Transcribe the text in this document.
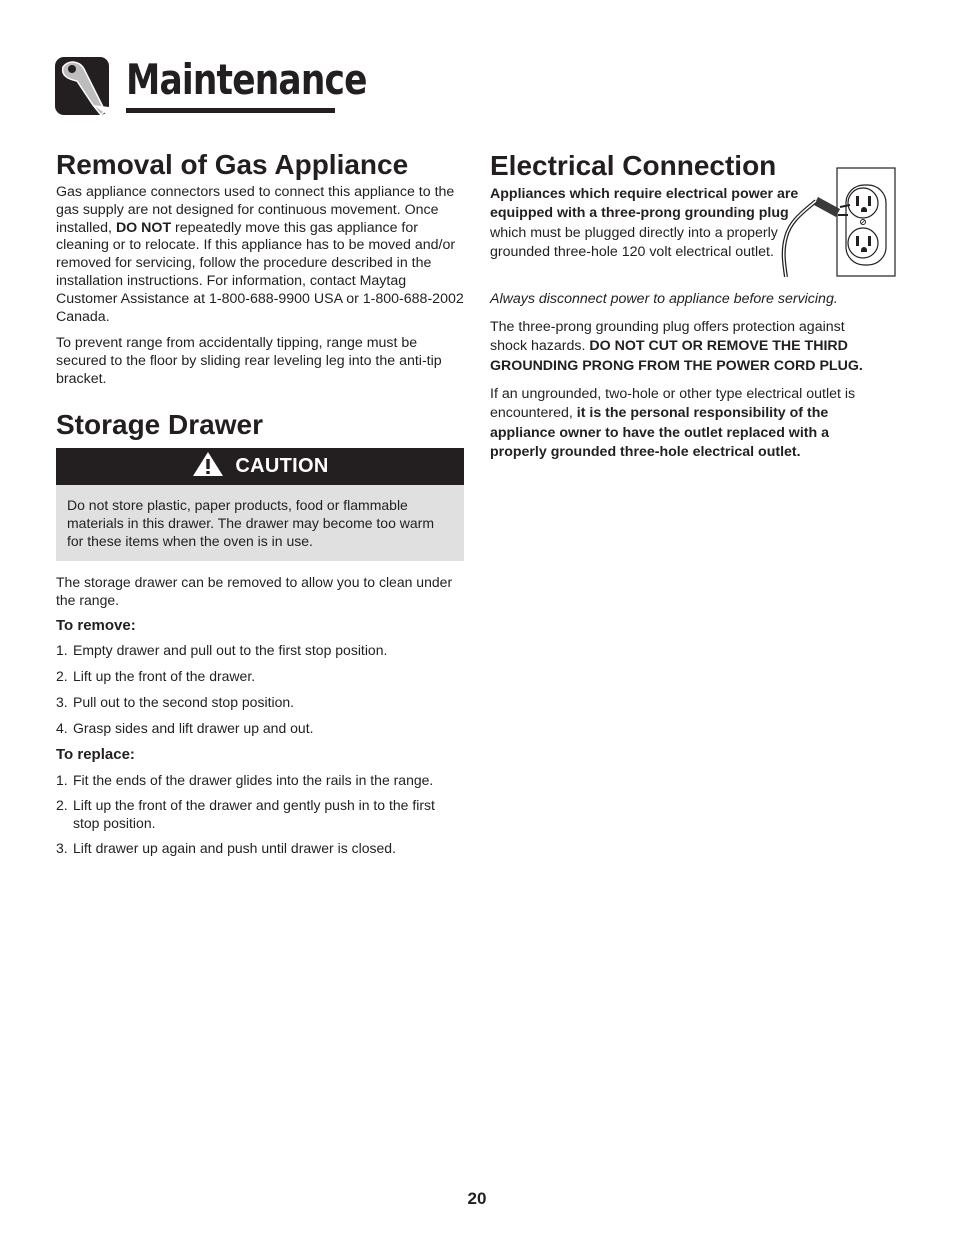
Maintenance
Removal of Gas Appliance

Gas appliance connectors used to connect this appliance to the gas supply are not designed for continuous movement. Once installed, DO NOT repeatedly move this gas appliance for cleaning or to relocate. If this appliance has to be moved and/or removed for servicing, follow the procedure described in the installation instructions. For information, contact Maytag Customer Assistance at 1-800-688-9900 USA or 1-800-688-2002 Canada.

To prevent range from accidentally tipping, range must be secured to the floor by sliding rear leveling leg into the anti-tip bracket.

Storage Drawer
CAUTION

Do not store plastic, paper products, food or flammable materials in this drawer. The drawer may become too warm for these items when the oven is in use.

The storage drawer can be removed to allow you to clean under the range.

To remove:
1. Empty drawer and pull out to the first stop position.
2. Lift up the front of the drawer.
3. Pull out to the second stop position.
4. Grasp sides and lift drawer up and out.
To replace:
1. Fit the ends of the drawer glides into the rails in the range.
2. Lift up the front of the drawer and gently push in to the first stop position.
3. Lift drawer up again and push until drawer is closed.
Electrical Connection

Appliances which require electrical power are equipped with a three-prong grounding plug which must be plugged directly into a properly grounded three-hole 120 volt electrical outlet.

Always disconnect power to appliance before servicing.

The three-prong grounding plug offers protection against shock hazards. DO NOT CUT OR REMOVE THE THIRD GROUNDING PRONG FROM THE POWER CORD PLUG.

If an ungrounded, two-hole or other type electrical outlet is encountered, it is the personal responsibility of the appliance owner to have the outlet replaced with a properly grounded three-hole electrical outlet.

20
